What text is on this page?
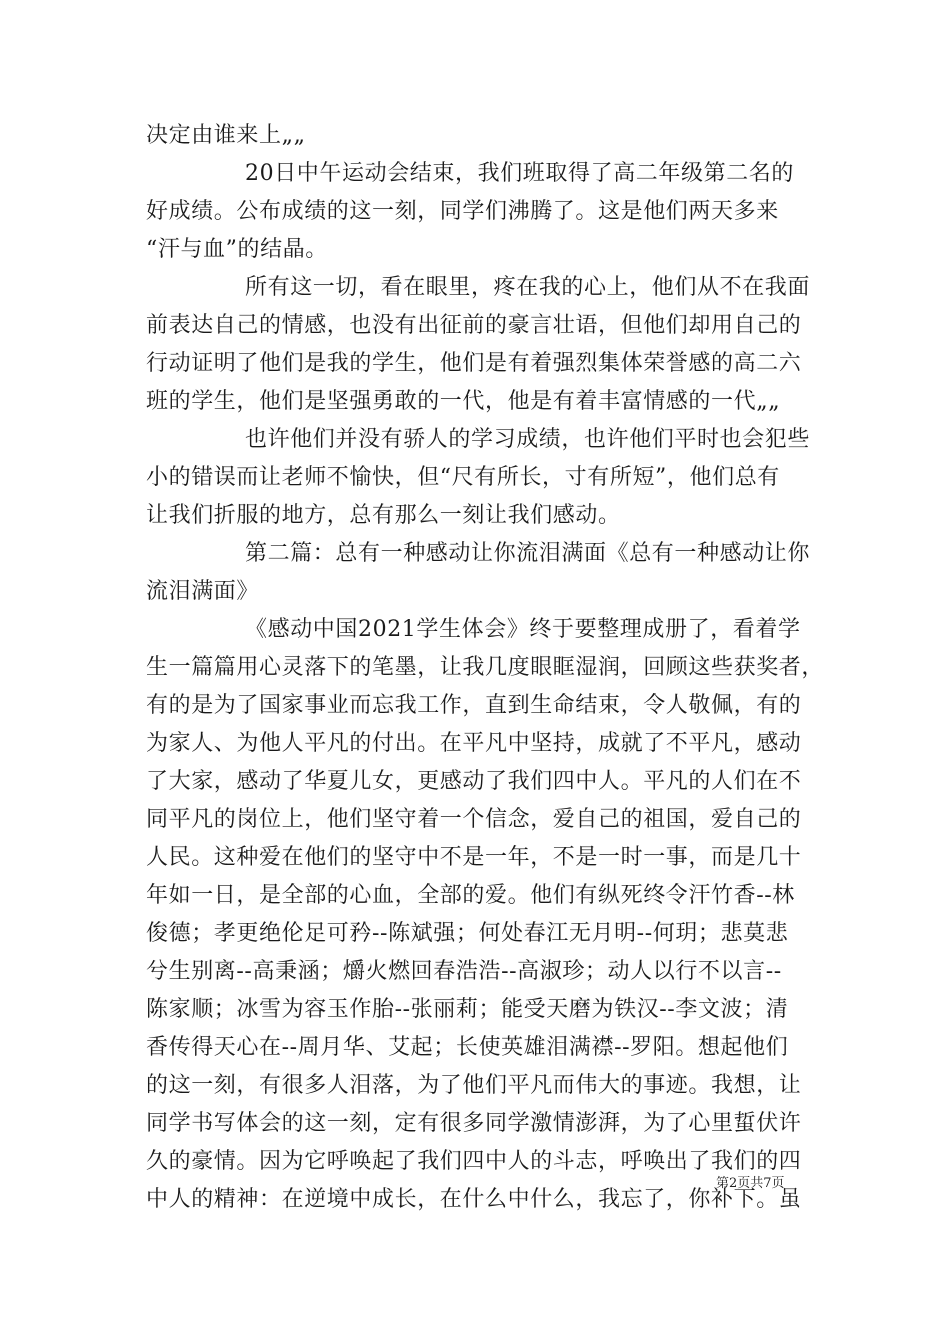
决定由谁来上„„
20日中午运动会结束，我们班取得了高二年级第二名的
好成绩。公布成绩的这一刻，同学们沸腾了。这是他们两天多来
“汗与血”的结晶。
所有这一切，看在眼里，疼在我的心上，他们从不在我面
前表达自己的情感，也没有出征前的豪言壮语，但他们却用自己的
行动证明了他们是我的学生，他们是有着强烈集体荣誉感的高二六
班的学生，他们是坚强勇敢的一代，他是有着丰富情感的一代„„
也许他们并没有骄人的学习成绩，也许他们平时也会犯些
小的错误而让老师不愉快，但“尺有所长，寸有所短”，他们总有
让我们折服的地方，总有那么一刻让我们感动。
第二篇：总有一种感动让你流泪满面《总有一种感动让你
流泪满面》
《感动中国2021学生体会》终于要整理成册了，看着学
生一篇篇用心灵落下的笔墨，让我几度眼眶湿润，回顾这些获奖者，
有的是为了国家事业而忘我工作，直到生命结束，令人敬佩，有的
为家人、为他人平凡的付出。在平凡中坚持，成就了不平凡，感动
了大家，感动了华夏儿女，更感动了我们四中人。平凡的人们在不
同平凡的岗位上，他们坚守着一个信念，爱自己的祖国，爱自己的
人民。这种爱在他们的坚守中不是一年，不是一时一事，而是几十
年如一日，是全部的心血，全部的爱。他们有纵死终令汗竹香--林
俊德；孝更绝伦足可矜--陈斌强；何处春江无月明--何玥；悲莫悲
兮生别离--高秉涵；爝火燃回春浩浩--高淑珍；动人以行不以言--
陈家顺；冰雪为容玉作胎--张丽莉；能受天磨为铁汉--李文波；清
香传得天心在--周月华、艾起；长使英雄泪满襟--罗阳。想起他们
的这一刻，有很多人泪落，为了他们平凡而伟大的事迹。我想，让
同学书写体会的这一刻，定有很多同学激情澎湃，为了心里蜇伏许
久的豪情。因为它呼唤起了我们四中人的斗志，呼唤出了我们的四
中人的精神：在逆境中成长，在什么中什么，我忘了，你补下。虽
第2页共7页
